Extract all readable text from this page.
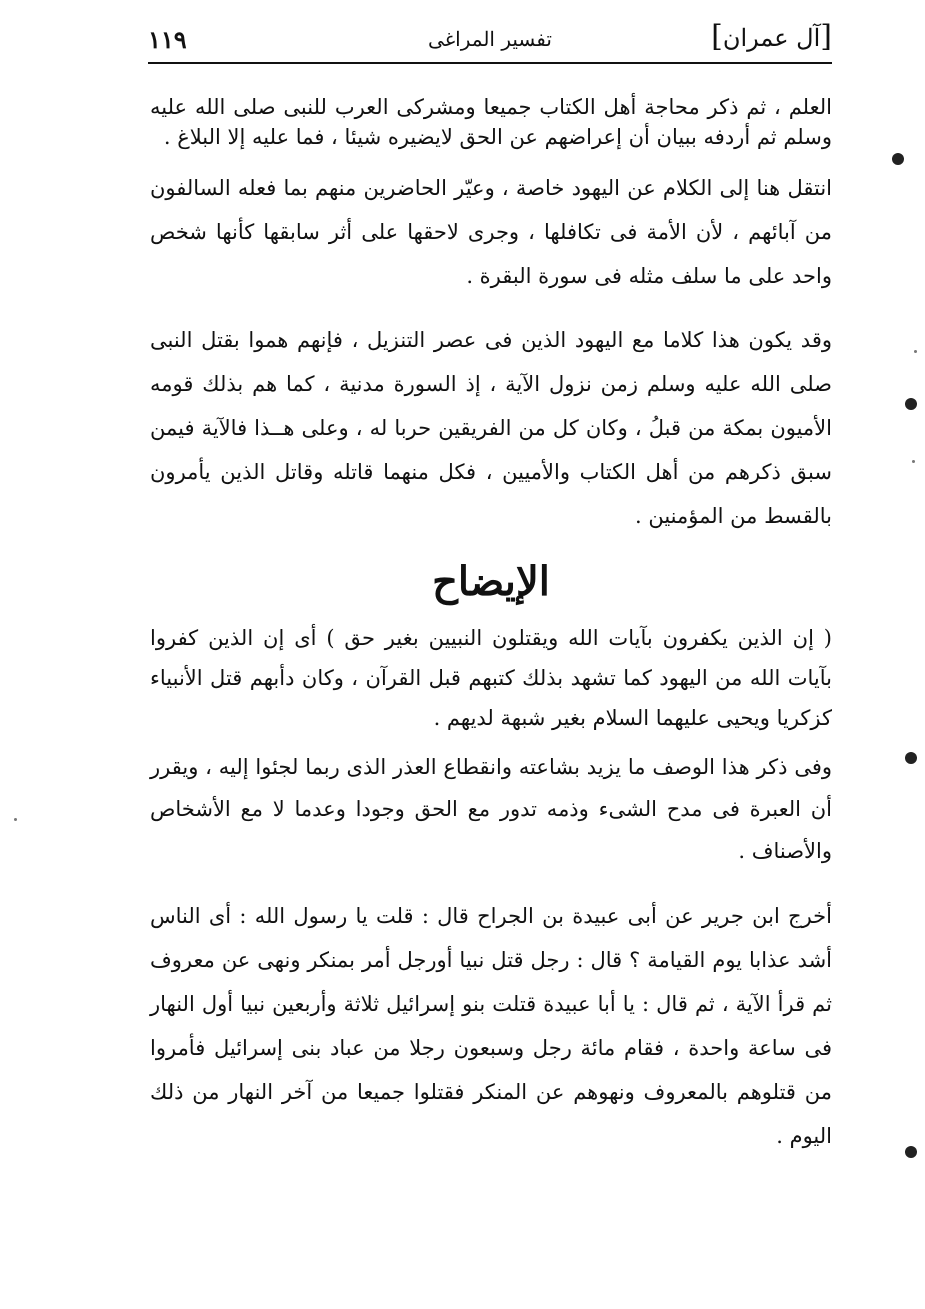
[آل عمران]
تفسير المراغى
١١٩

العلم ، ثم ذكر محاجة أهل الكتاب جميعا ومشركى العرب للنبى صلى الله عليه وسلم ثم أردفه ببيان أن إعراضهم عن الحق لايضيره شيئا ، فما عليه إلا البلاغ .

انتقل هنا إلى الكلام عن اليهود خاصة ، وعيّر الحاضرين منهم بما فعله السالفون من آبائهم ، لأن الأمة فى تكافلها ، وجرى لاحقها على أثر سابقها كأنها شخص واحد على ما سلف مثله فى سورة البقرة .

وقد يكون هذا كلاما مع اليهود الذين فى عصر التنزيل ، فإنهم هموا بقتل النبى صلى الله عليه وسلم زمن نزول الآية ، إذ السورة مدنية ، كما هم بذلك قومه الأميون بمكة من قبلُ ، وكان كل من الفريقين حربا له ، وعلى هــذا فالآية فيمن سبق ذكرهم من أهل الكتاب والأميين ، فكل منهما قاتله وقاتل الذين يأمرون بالقسط من المؤمنين .

الإيضاح

( إن الذين يكفرون بآيات الله ويقتلون النبيين بغير حق ) أى إن الذين كفروا بآيات الله من اليهود كما تشهد بذلك كتبهم قبل القرآن ، وكان دأبهم قتل الأنبياء كزكريا ويحيى عليهما السلام بغير شبهة لديهم .

وفى ذكر هذا الوصف ما يزيد بشاعته وانقطاع العذر الذى ربما لجئوا إليه ، ويقرر أن العبرة فى مدح الشىء وذمه تدور مع الحق وجودا وعدما لا مع الأشخاص والأصناف .

أخرج ابن جرير عن أبى عبيدة بن الجراح قال : قلت يا رسول الله : أى الناس أشد عذابا يوم القيامة ؟ قال : رجل قتل نبيا أورجل أمر بمنكر ونهى عن معروف ثم قرأ الآية ، ثم قال : يا أبا عبيدة قتلت بنو إسرائيل ثلاثة وأربعين نبيا أول النهار فى ساعة واحدة ، فقام مائة رجل وسبعون رجلا من عباد بنى إسرائيل فأمروا من قتلوهم بالمعروف ونهوهم عن المنكر فقتلوا جميعا من آخر النهار من ذلك اليوم .
